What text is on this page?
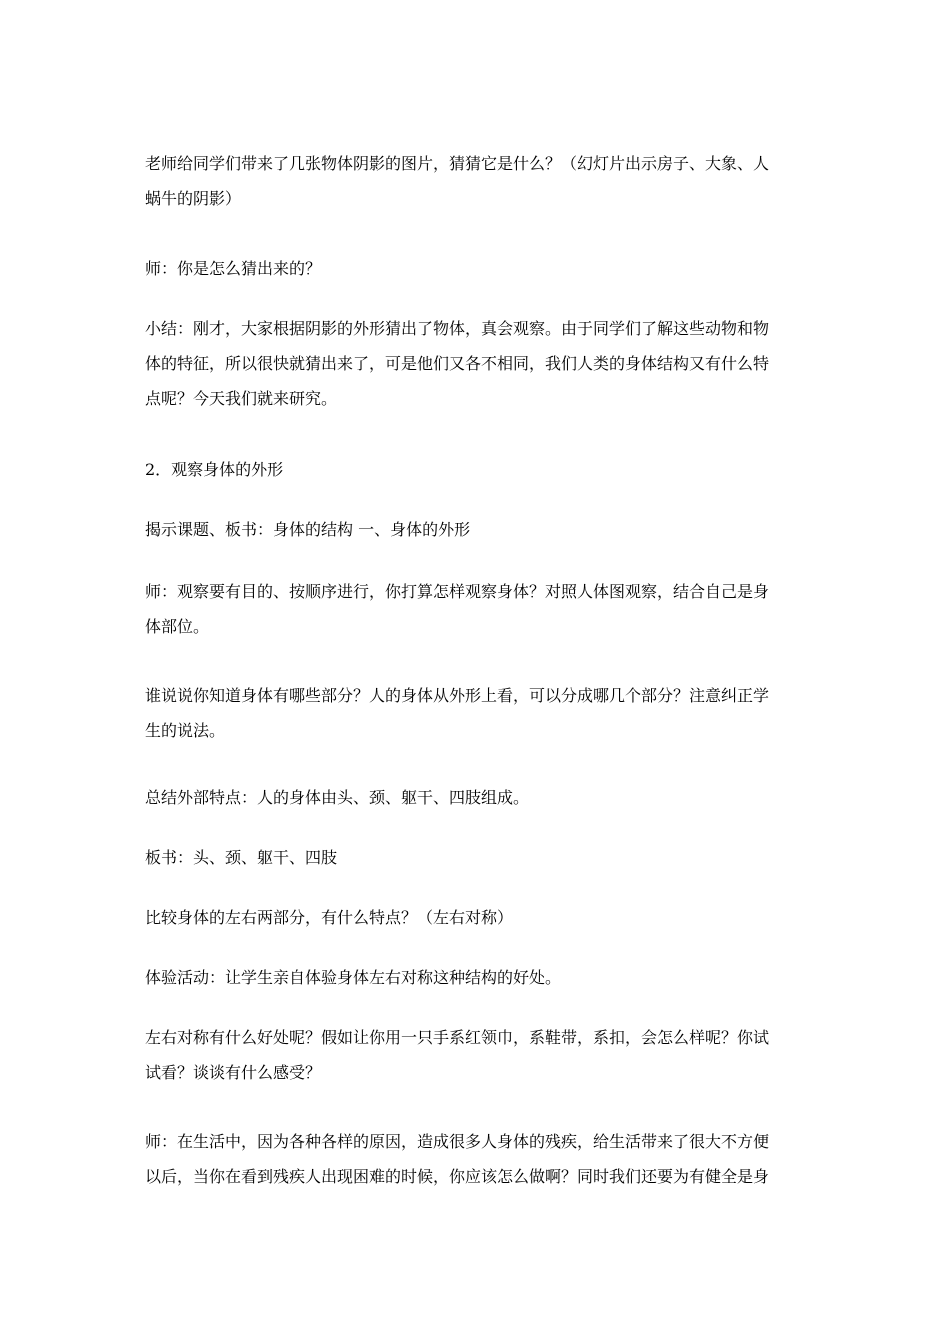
老师给同学们带来了几张物体阴影的图片，猜猜它是什么？（幻灯片出示房子、大象、人
蜗牛的阴影）
师：你是怎么猜出来的？
小结：刚才，大家根据阴影的外形猜出了物体，真会观察。由于同学们了解这些动物和物
体的特征，所以很快就猜出来了，可是他们又各不相同，我们人类的身体结构又有什么特
点呢？今天我们就来研究。
2．观察身体的外形
揭示课题、板书：身体的结构 一、身体的外形
师：观察要有目的、按顺序进行，你打算怎样观察身体？对照人体图观察，结合自己是身
体部位。
谁说说你知道身体有哪些部分？人的身体从外形上看，可以分成哪几个部分？注意纠正学
生的说法。
总结外部特点：人的身体由头、颈、躯干、四肢组成。
板书：头、颈、躯干、四肢
比较身体的左右两部分，有什么特点？（左右对称）
体验活动：让学生亲自体验身体左右对称这种结构的好处。
左右对称有什么好处呢？假如让你用一只手系红领巾，系鞋带，系扣，会怎么样呢？你试
试看？谈谈有什么感受？
师：在生活中，因为各种各样的原因，造成很多人身体的残疾，给生活带来了很大不方便
以后，当你在看到残疾人出现困难的时候，你应该怎么做啊？同时我们还要为有健全是身
